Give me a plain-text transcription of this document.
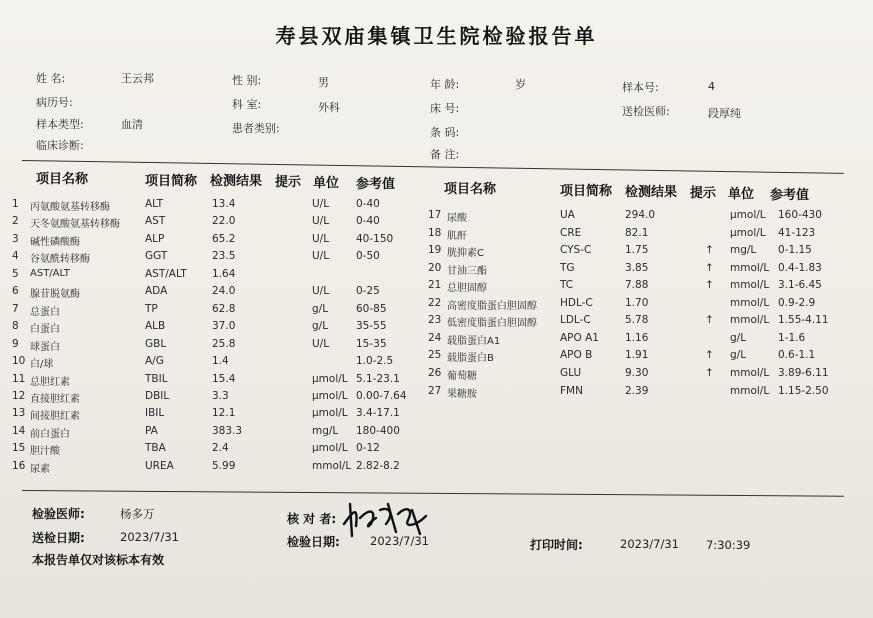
寿县双庙集镇卫生院检验报告单
姓 名:	王云邦	性 别:	男	年 龄:	岁	样本号:	4
病历号:	科 室:	外科	床 号:	送检医师:	段厚纯
样本类型:	血清	患者类别:	条 码:
临床诊断:
备 注:
项目名称	项目简称 检测结果 提示 单位 参考值	项目名称	项目简称 检测结果 提示 单位 参考值
1 丙氨酸氨基转移酶	ALT	13.4	U/L	0-40
2 天冬氨酸氨基转移酶 AST	22.0	U/L	0-40
3 碱性磷酸酶	ALP	65.2	U/L	40-150
4 谷氨酰转移酶	GGT	23.5	U/L	0-50
5 AST/ALT	AST/ALT 1.64
6 腺苷脱氨酶	ADA	24.0	U/L	0-25
7 总蛋白	TP	62.8	g/L	60-85
8 白蛋白	ALB	37.0	g/L	35-55
9 球蛋白	GBL	25.8	U/L	15-35
10 白/球	A/G	1.4	1.0-2.5
11 总胆红素	TBIL	15.4	μmol/L 5.1-23.1
12 直接胆红素	DBIL	3.3	μmol/L 0.00-7.64
13 间接胆红素	IBIL	12.1	μmol/L 3.4-17.1
14 前白蛋白	PA	383.3	mg/L 180-400
15 胆汁酸	TBA	2.4	μmol/L 0-12
16 尿素	UREA	5.99	mmol/L 2.82-8.2
17 尿酸	UA	294.0	μmol/L 160-430
18 肌酐	CRE	82.1	μmol/L 41-123
19 胱抑素C	CYS-C	1.75	↑ mg/L 0-1.15
20 甘油三酯	TG	3.85	↑ mmol/L 0.4-1.83
21 总胆固醇	TC	7.88	↑ mmol/L 3.1-6.45
22 高密度脂蛋白胆固醇 HDL-C	1.70	mmol/L 0.9-2.9
23 低密度脂蛋白胆固醇 LDL-C	5.78	↑ mmol/L 1.55-4.11
24 载脂蛋白A1	APO A1 1.16	g/L	1-1.6
25 载脂蛋白B	APO B	1.91	↑ g/L	0.6-1.1
26 葡萄糖	GLU	9.30	↑ mmol/L 3.89-6.11
27 果糖胺	FMN	2.39	mmol/L 1.15-2.50
检验医师:	杨多万	核 对 者:
送检日期:	2023/7/31	检验日期:	2023/7/31	打印时间:	2023/7/31 7:30:39
本报告单仅对该标本有效
